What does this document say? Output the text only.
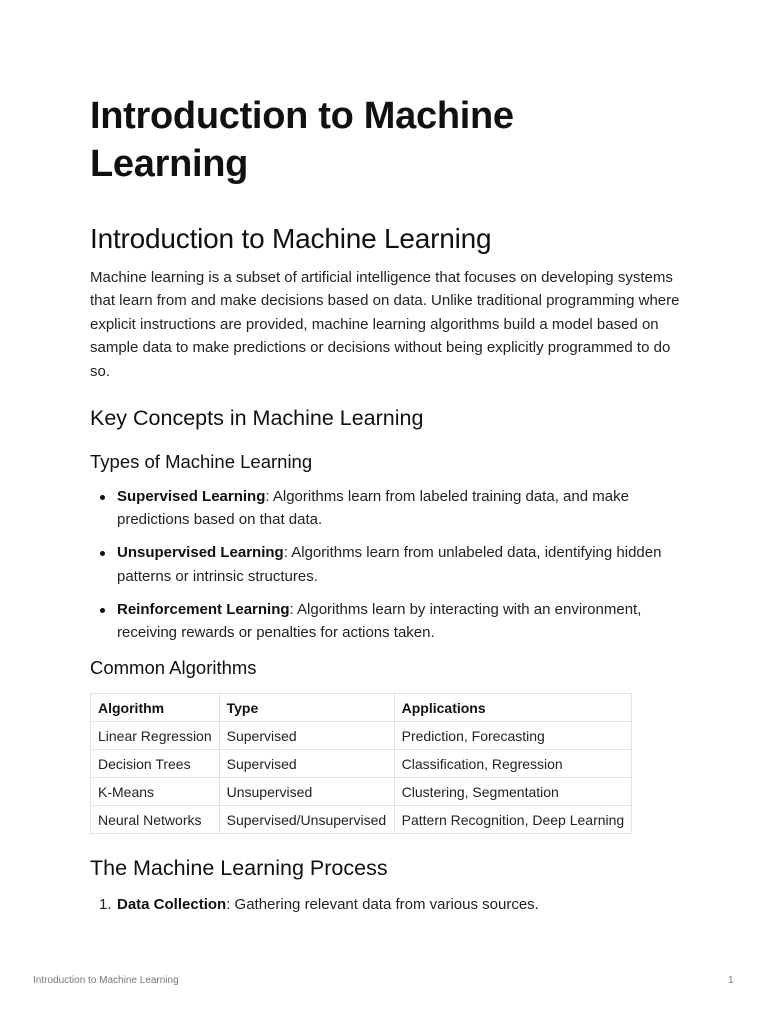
Introduction to Machine Learning
Introduction to Machine Learning

Machine learning is a subset of artificial intelligence that focuses on developing systems that learn from and make decisions based on data. Unlike traditional programming where explicit instructions are provided, machine learning algorithms build a model based on sample data to make predictions or decisions without being explicitly programmed to do so.

Key Concepts in Machine Learning
Types of Machine Learning
Supervised Learning: Algorithms learn from labeled training data, and make predictions based on that data.
Unsupervised Learning: Algorithms learn from unlabeled data, identifying hidden patterns or intrinsic structures.
Reinforcement Learning: Algorithms learn by interacting with an environment, receiving rewards or penalties for actions taken.
Common Algorithms
Algorithm	Type	Applications
Linear Regression	Supervised	Prediction, Forecasting
Decision Trees	Supervised	Classification, Regression
K-Means	Unsupervised	Clustering, Segmentation
Neural Networks	Supervised/Unsupervised	Pattern Recognition, Deep Learning
The Machine Learning Process
1. Data Collection: Gathering relevant data from various sources.
Introduction to Machine Learning	1
